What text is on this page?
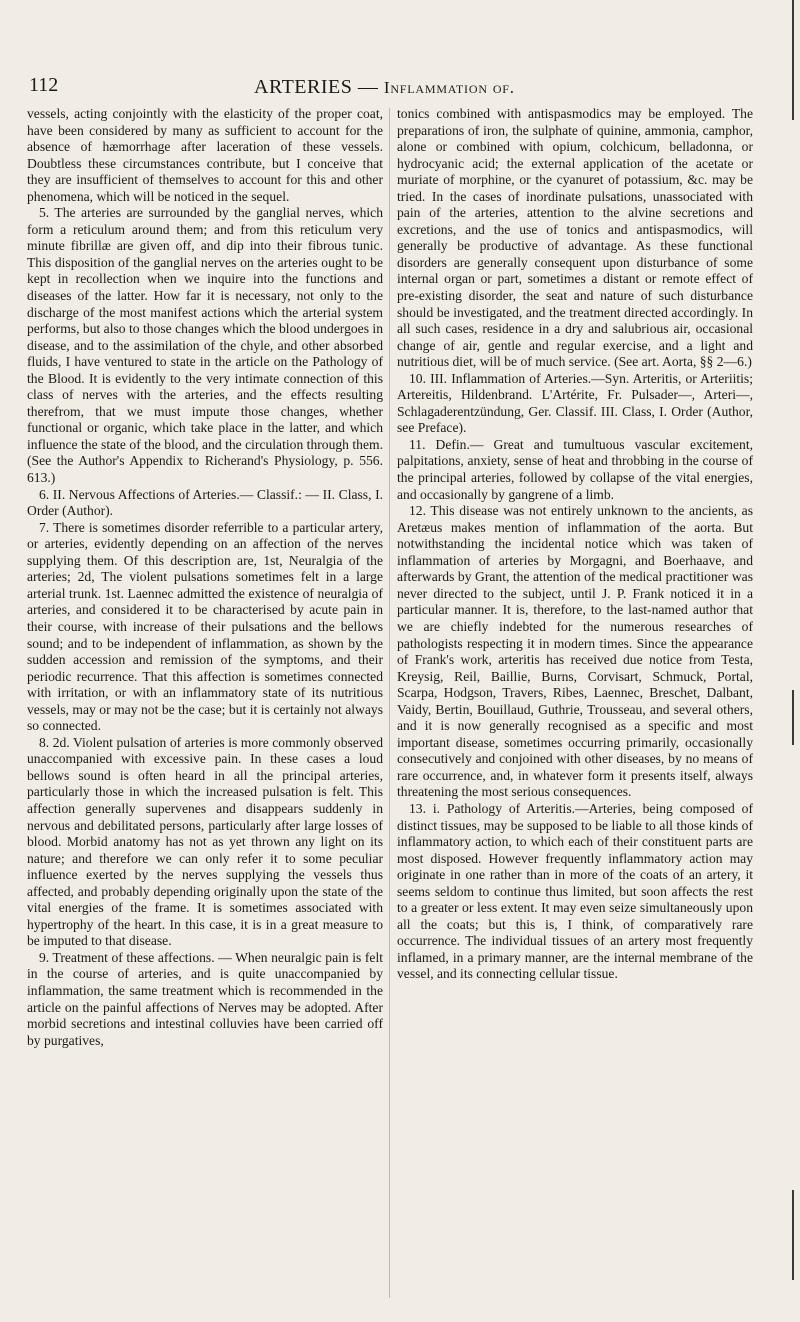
112	ARTERIES — Inflammation of.

vessels, acting conjointly with the elasticity of the proper coat, have been considered by many as sufficient to account for the absence of hæmorrhage after laceration of these vessels. Doubtless these circumstances contribute, but I conceive that they are insufficient of themselves to account for this and other phenomena, which will be noticed in the sequel.

5. The arteries are surrounded by the ganglial nerves, which form a reticulum around them; and from this reticulum very minute fibrillæ are given off, and dip into their fibrous tunic. This disposition of the ganglial nerves on the arteries ought to be kept in recollection when we inquire into the functions and diseases of the latter. How far it is necessary, not only to the discharge of the most manifest actions which the arterial system performs, but also to those changes which the blood undergoes in disease, and to the assimilation of the chyle, and other absorbed fluids, I have ventured to state in the article on the Pathology of the Blood. It is evidently to the very intimate connection of this class of nerves with the arteries, and the effects resulting therefrom, that we must impute those changes, whether functional or organic, which take place in the latter, and which influence the state of the blood, and the circulation through them. (See the Author's Appendix to Richerand's Physiology, p. 556. 613.)

6. II. Nervous Affections of Arteries.— Classif.: — II. Class, I. Order (Author).

7. There is sometimes disorder referrible to a particular artery, or arteries, evidently depending on an affection of the nerves supplying them. Of this description are, 1st, Neuralgia of the arteries; 2d, The violent pulsations sometimes felt in a large arterial trunk. 1st. Laennec admitted the existence of neuralgia of arteries, and considered it to be characterised by acute pain in their course, with increase of their pulsations and the bellows sound; and to be independent of inflammation, as shown by the sudden accession and remission of the symptoms, and their periodic recurrence. That this affection is sometimes connected with irritation, or with an inflammatory state of its nutritious vessels, may or may not be the case; but it is certainly not always so connected.

8. 2d. Violent pulsation of arteries is more commonly observed unaccompanied with excessive pain. In these cases a loud bellows sound is often heard in all the principal arteries, particularly those in which the increased pulsation is felt. This affection generally supervenes and disappears suddenly in nervous and debilitated persons, particularly after large losses of blood. Morbid anatomy has not as yet thrown any light on its nature; and therefore we can only refer it to some peculiar influence exerted by the nerves supplying the vessels thus affected, and probably depending originally upon the state of the vital energies of the frame. It is sometimes associated with hypertrophy of the heart. In this case, it is in a great measure to be imputed to that disease.

9. Treatment of these affections. — When neuralgic pain is felt in the course of arteries, and is quite unaccompanied by inflammation, the same treatment which is recommended in the article on the painful affections of Nerves may be adopted. After morbid secretions and intestinal colluvies have been carried off by purgatives,

tonics combined with antispasmodics may be employed. The preparations of iron, the sulphate of quinine, ammonia, camphor, alone or combined with opium, colchicum, belladonna, or hydrocyanic acid; the external application of the acetate or muriate of morphine, or the cyanuret of potassium, &c. may be tried. In the cases of inordinate pulsations, unassociated with pain of the arteries, attention to the alvine secretions and excretions, and the use of tonics and antispasmodics, will generally be productive of advantage. As these functional disorders are generally consequent upon disturbance of some internal organ or part, sometimes a distant or remote effect of pre-existing disorder, the seat and nature of such disturbance should be investigated, and the treatment directed accordingly. In all such cases, residence in a dry and salubrious air, occasional change of air, gentle and regular exercise, and a light and nutritious diet, will be of much service. (See art. Aorta, §§ 2—6.)

10. III. Inflammation of Arteries.—Syn. Arteritis, or Arteriitis; Artereitis, Hildenbrand. L'Artérite, Fr. Pulsader—, Arteri—, Schlagaderentzündung, Ger. Classif. III. Class, I. Order (Author, see Preface).

11. Defin.— Great and tumultuous vascular excitement, palpitations, anxiety, sense of heat and throbbing in the course of the principal arteries, followed by collapse of the vital energies, and occasionally by gangrene of a limb.

12. This disease was not entirely unknown to the ancients, as Aretæus makes mention of inflammation of the aorta. But notwithstanding the incidental notice which was taken of inflammation of arteries by Morgagni, and Boerhaave, and afterwards by Grant, the attention of the medical practitioner was never directed to the subject, until J. P. Frank noticed it in a particular manner. It is, therefore, to the last-named author that we are chiefly indebted for the numerous researches of pathologists respecting it in modern times. Since the appearance of Frank's work, arteritis has received due notice from Testa, Kreysig, Reil, Baillie, Burns, Corvisart, Schmuck, Portal, Scarpa, Hodgson, Travers, Ribes, Laennec, Breschet, Dalbant, Vaidy, Bertin, Bouillaud, Guthrie, Trousseau, and several others, and it is now generally recognised as a specific and most important disease, sometimes occurring primarily, occasionally consecutively and conjoined with other diseases, by no means of rare occurrence, and, in whatever form it presents itself, always threatening the most serious consequences.

13. i. Pathology of Arteritis.—Arteries, being composed of distinct tissues, may be supposed to be liable to all those kinds of inflammatory action, to which each of their constituent parts are most disposed. However frequently inflammatory action may originate in one rather than in more of the coats of an artery, it seems seldom to continue thus limited, but soon affects the rest to a greater or less extent. It may even seize simultaneously upon all the coats; but this is, I think, of comparatively rare occurrence. The individual tissues of an artery most frequently inflamed, in a primary manner, are the internal membrane of the vessel, and its connecting cellular tissue.
